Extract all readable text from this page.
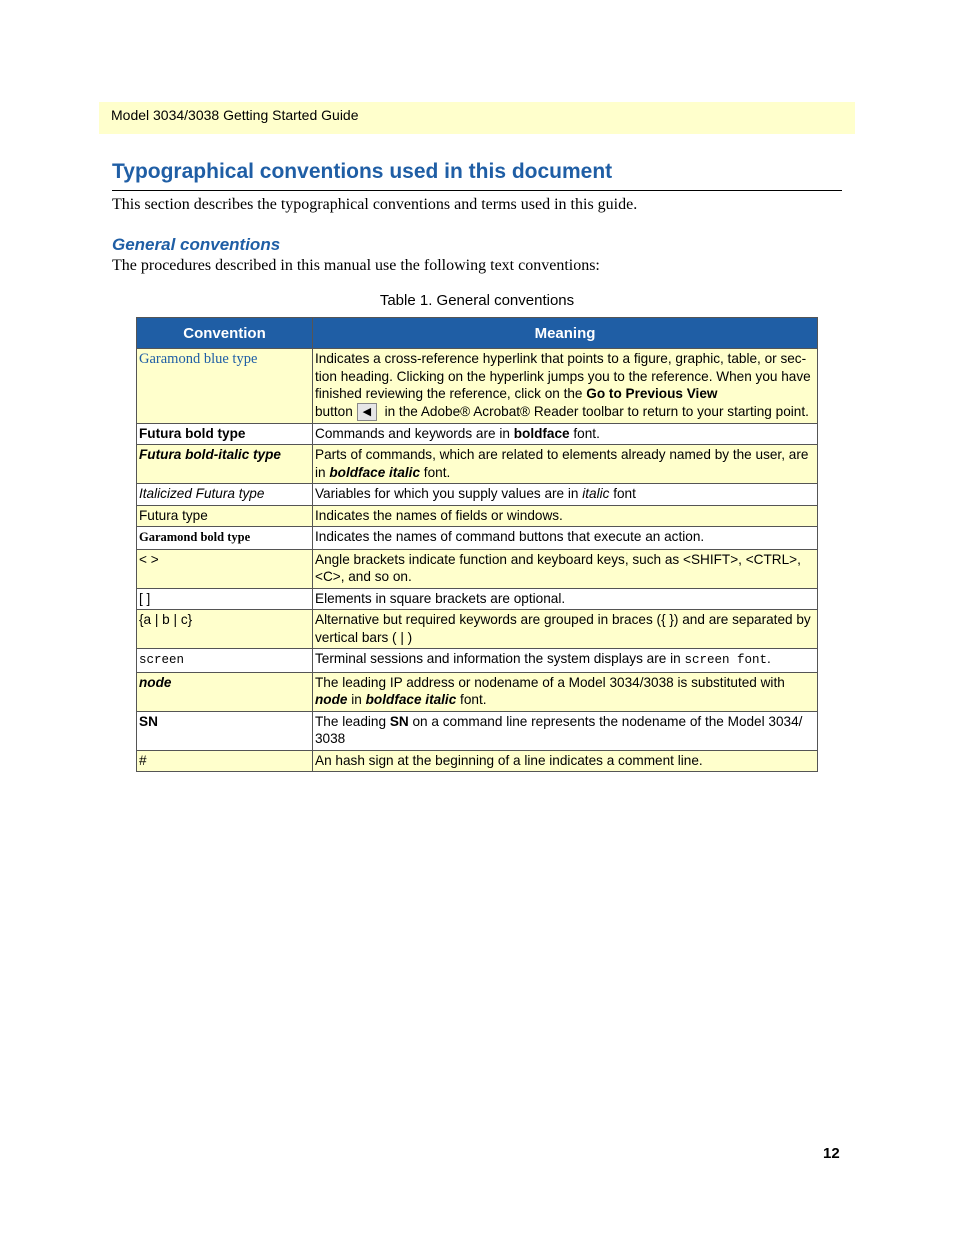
Model 3034/3038 Getting Started Guide
Typographical conventions used in this document
This section describes the typographical conventions and terms used in this guide.
General conventions
The procedures described in this manual use the following text conventions:
Table 1. General conventions
Convention	Meaning
Garamond blue type	Indicates a cross-reference hyperlink that points to a figure, graphic, table, or sec-tion heading. Clicking on the hyperlink jumps you to the reference. When you have finished reviewing the reference, click on the Go to Previous View
button ◀ in the Adobe® Acrobat® Reader toolbar to return to your starting point.
Futura bold type	Commands and keywords are in boldface font.
Futura bold-italic type	Parts of commands, which are related to elements already named by the user, are in boldface italic font.
Italicized Futura type	Variables for which you supply values are in italic font
Futura type	Indicates the names of fields or windows.
Garamond bold type	Indicates the names of command buttons that execute an action.
< >	Angle brackets indicate function and keyboard keys, such as <SHIFT>, <CTRL>, <C>, and so on.
[ ]	Elements in square brackets are optional.
{a | b | c}	Alternative but required keywords are grouped in braces ({ }) and are separated by vertical bars ( | )
screen	Terminal sessions and information the system displays are in screen font.
node	The leading IP address or nodename of a Model 3034/3038 is substituted with node in boldface italic font.
SN	The leading SN on a command line represents the nodename of the Model 3034/ 3038
#	An hash sign at the beginning of a line indicates a comment line.
12
